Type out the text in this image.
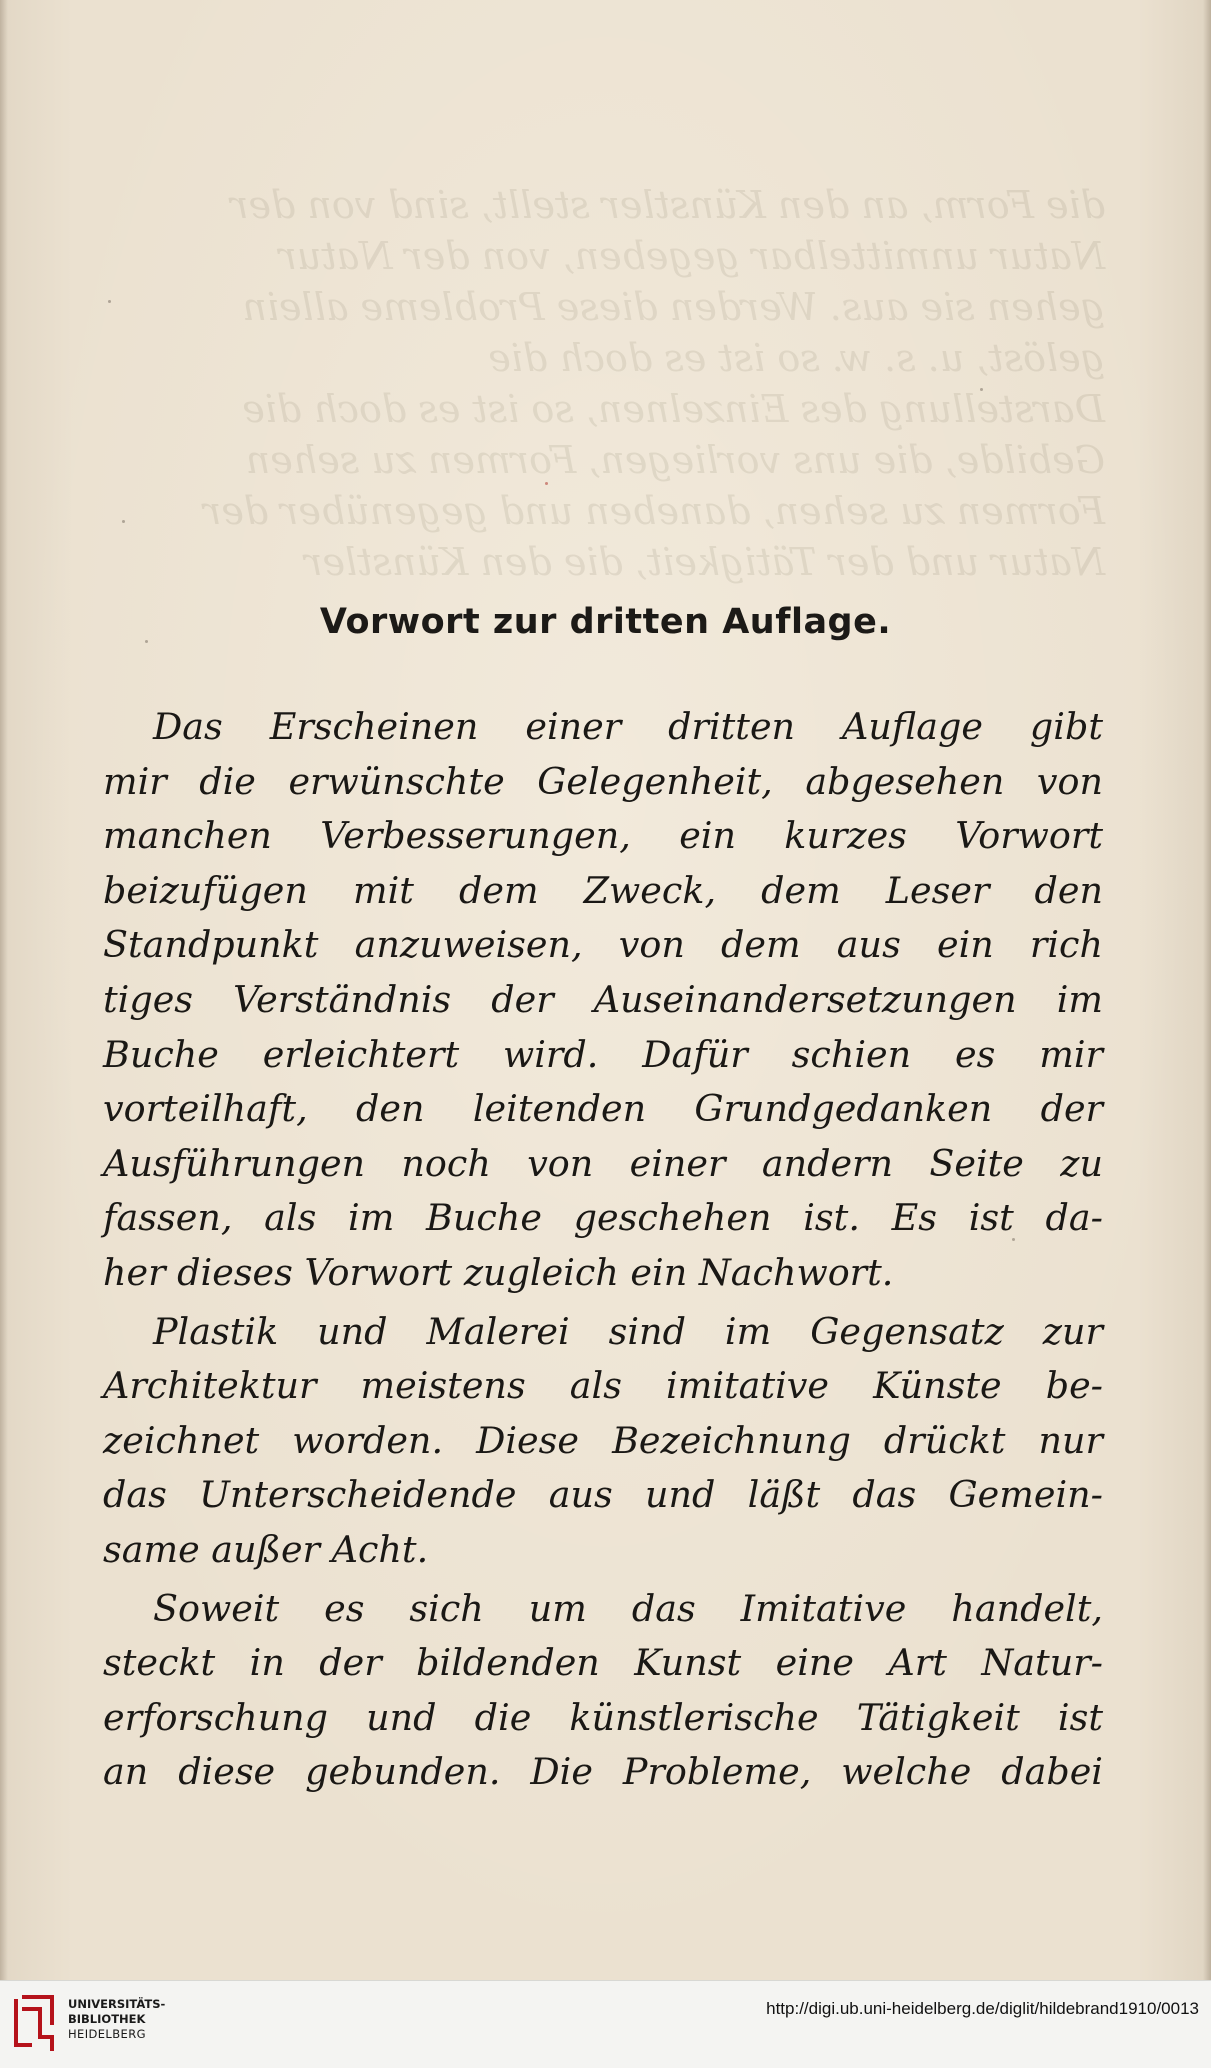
die Form, an den Künstler stellt, sind von der
Natur unmittelbar gegeben, von der Natur
gehen sie aus. Werden diese Probleme allein
gelöst, u. s. w. so ist es doch die
Darstellung des Einzelnen, so ist es doch die
Gebilde, die uns vorliegen, Formen zu sehen
Formen zu sehen, daneben und gegenüber der
Natur und der Tätigkeit, die den Künstler
Vorwort zur dritten Auflage.
Das Erscheinen einer dritten Auflage gibt
mir die erwünschte Gelegenheit, abgesehen von
manchen Verbesserungen, ein kurzes Vorwort
beizufügen mit dem Zweck, dem Leser den
Standpunkt anzuweisen, von dem aus ein rich
tiges Verständnis der Auseinandersetzungen im
Buche erleichtert wird. Dafür schien es mir
vorteilhaft, den leitenden Grundgedanken der
Ausführungen noch von einer andern Seite zu
fassen, als im Buche geschehen ist. Es ist da-
her dieses Vorwort zugleich ein Nachwort.
Plastik und Malerei sind im Gegensatz zur
Architektur meistens als imitative Künste be-
zeichnet worden. Diese Bezeichnung drückt nur
das Unterscheidende aus und läßt das Gemein-
same außer Acht.
Soweit es sich um das Imitative handelt,
steckt in der bildenden Kunst eine Art Natur-
erforschung und die künstlerische Tätigkeit ist
an diese gebunden. Die Probleme, welche dabei
UNIVERSITÄTS-
BIBLIOTHEK
HEIDELBERG
http://digi.ub.uni-heidelberg.de/diglit/hildebrand1910/0013
